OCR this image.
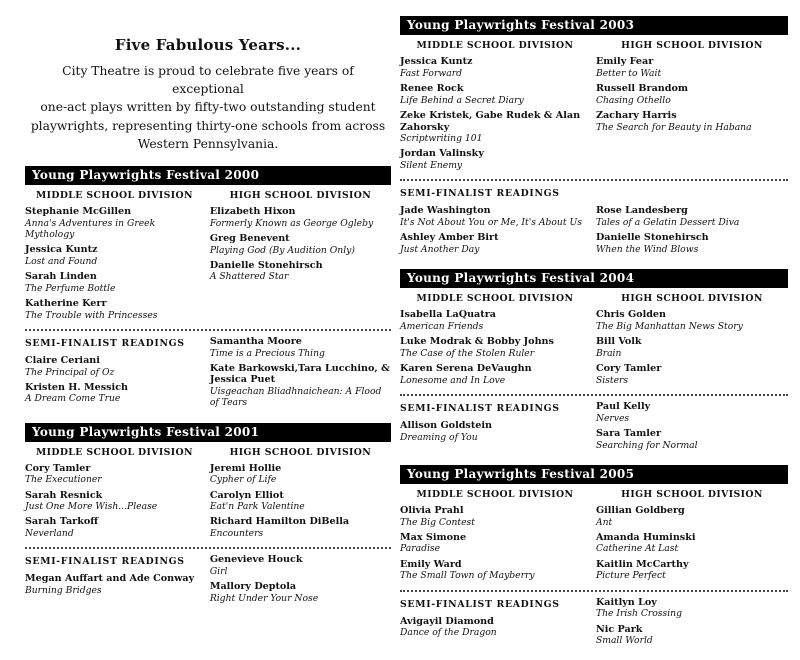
Five Fabulous Years...

City Theatre is proud to celebrate five years of exceptional

one-act plays written by fifty-two outstanding student

playwrights, representing thirty-one schools from across

Western Pennsylvania.

Young Playwrights Festival 2000
MIDDLE SCHOOL DIVISION
Stephanie McGillen
Anna's Adventures in Greek Mythology
Jessica Kuntz
Lost and Found
Sarah Linden
The Perfume Bottle
Katherine Kerr
The Trouble with Princesses
HIGH SCHOOL DIVISION
Elizabeth Hixon
Formerly Known as George Ogleby
Greg Benevent
Playing God (By Audition Only)
Danielle Stonehirsch
A Shattered Star
SEMI-FINALIST READINGS
Claire Ceriani
The Principal of Oz
Kristen H. Messich
A Dream Come True
Samantha Moore
Time is a Precious Thing
Kate Barkowski,Tara Lucchino, & Jessica Puet
Uisgeachan Bliadhnaichean: A Flood of Tears
Young Playwrights Festival 2001
MIDDLE SCHOOL DIVISION
Cory Tamler
The Executioner
Sarah Resnick
Just One More Wish...Please
Sarah Tarkoff
Neverland
HIGH SCHOOL DIVISION
Jeremi Hollie
Cypher of Life
Carolyn Elliot
Eat'n Park Valentine
Richard Hamilton DiBella
Encounters
SEMI-FINALIST READINGS
Megan Auffart and Ade Conway
Burning Bridges
Genevieve Houck
Girl
Mallory Deptola
Right Under Your Nose
Young Playwrights Festival 2003
MIDDLE SCHOOL DIVISION
Jessica Kuntz
Fast Forward
Renee Rock
Life Behind a Secret Diary
Zeke Kristek, Gabe Rudek & Alan Zahorsky
Scriptwriting 101
Jordan Valinsky
Silent Enemy
HIGH SCHOOL DIVISION
Emily Fear
Better to Wait
Russell Brandom
Chasing Othello
Zachary Harris
The Search for Beauty in Habana
SEMI-FINALIST READINGS
Jade Washington
It's Not About You or Me, It's About Us
Ashley Amber Birt
Just Another Day
Rose Landesberg
Tales of a Gelatin Dessert Diva
Danielle Stonehirsch
When the Wind Blows
Young Playwrights Festival 2004
MIDDLE SCHOOL DIVISION
Isabella LaQuatra
American Friends
Luke Modrak & Bobby Johns
The Case of the Stolen Ruler
Karen Serena DeVaughn
Lonesome and In Love
HIGH SCHOOL DIVISION
Chris Golden
The Big Manhattan News Story
Bill Volk
Brain
Cory Tamler
Sisters
SEMI-FINALIST READINGS
Allison Goldstein
Dreaming of You
Paul Kelly
Nerves
Sara Tamler
Searching for Normal
Young Playwrights Festival 2005
MIDDLE SCHOOL DIVISION
Olivia Prahl
The Big Contest
Max Simone
Paradise
Emily Ward
The Small Town of Mayberry
HIGH SCHOOL DIVISION
Gillian Goldberg
Ant
Amanda Huminski
Catherine At Last
Kaitlin McCarthy
Picture Perfect
SEMI-FINALIST READINGS
Avigayil Diamond
Dance of the Dragon
Kaitlyn Loy
The Irish Crossing
Nic Park
Small World
